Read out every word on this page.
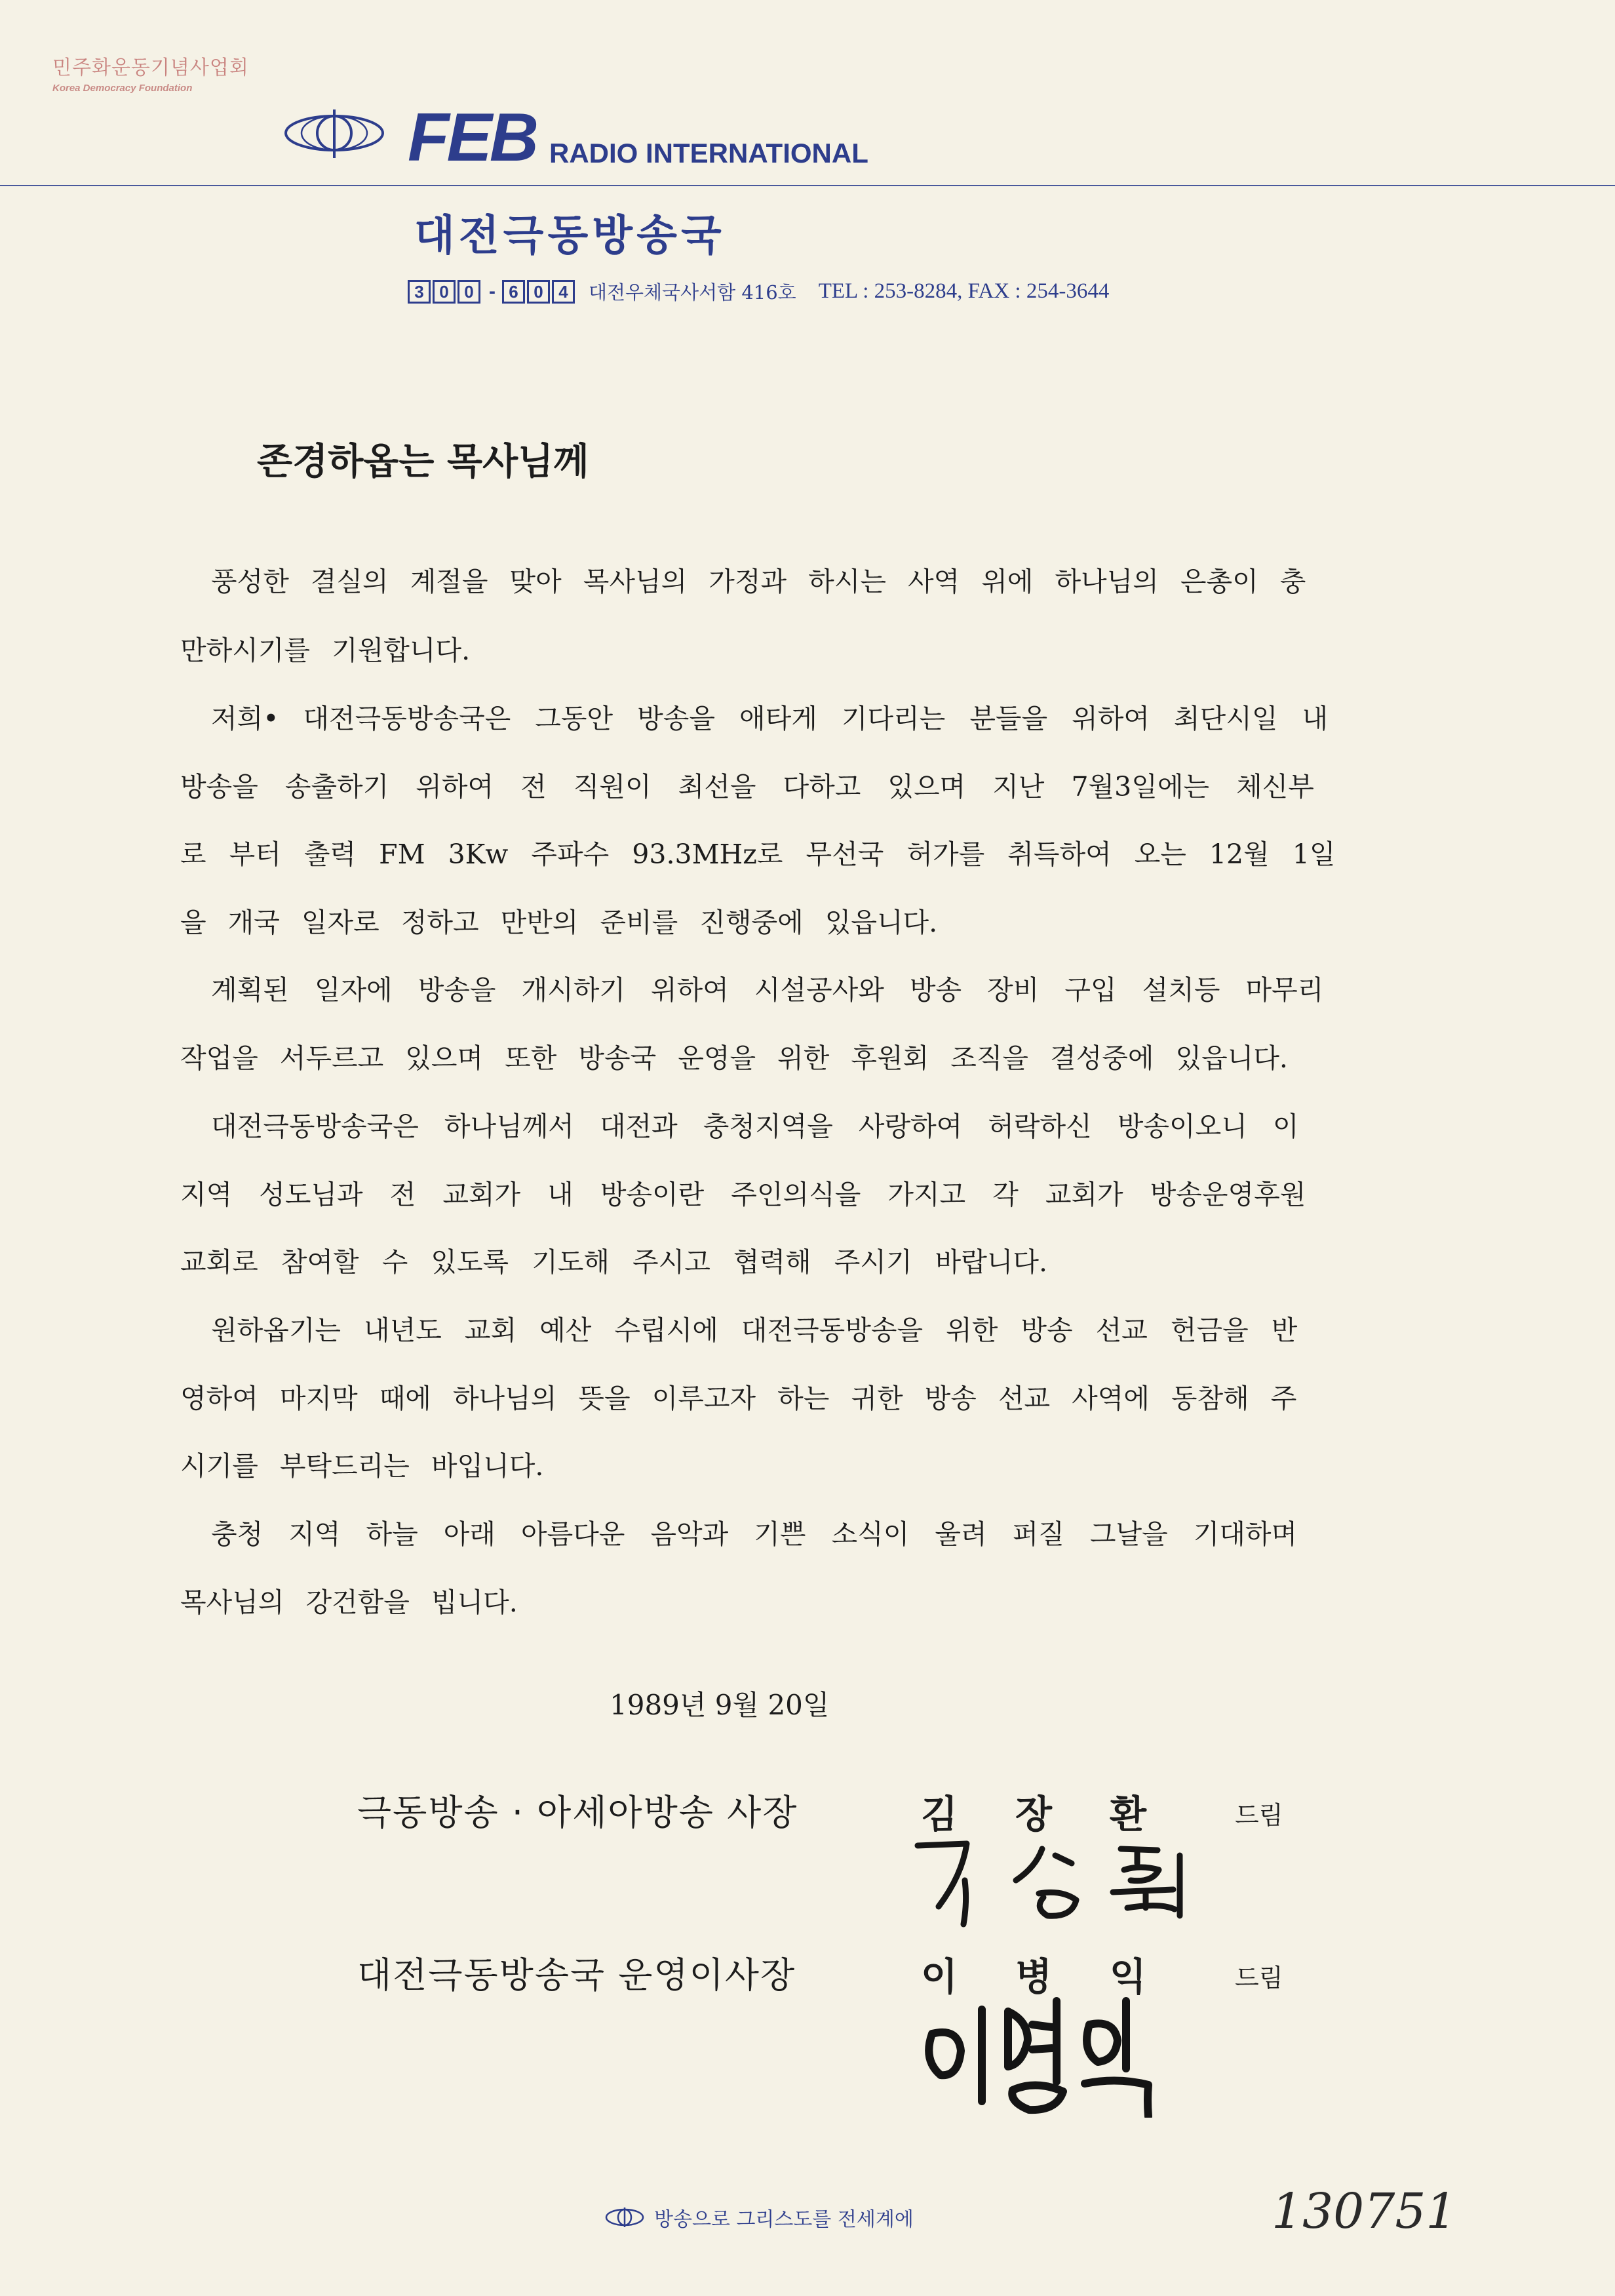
민주화운동기념사업회
Korea Democracy Foundation
FEB RADIO INTERNATIONAL
대전극동방송국
3 0 0 - 6 0 4	대전우체국사서함 416호 TEL : 253-8284, FAX : 254-3644
존경하옵는 목사님께
풍성한 결실의 계절을 맞아 목사님의 가정과 하시는 사역 위에 하나님의 은총이 충
만하시기를 기원합니다.
저희• 대전극동방송국은 그동안 방송을 애타게 기다리는 분들을 위하여 최단시일 내
방송을 송출하기 위하여 전 직원이 최선을 다하고 있으며 지난 7월3일에는 체신부
로 부터 출력 FM 3Kw 주파수 93.3MHz로 무선국 허가를 취득하여 오는 12월 1일
을 개국 일자로 정하고 만반의 준비를 진행중에 있읍니다.
계획된 일자에 방송을 개시하기 위하여 시설공사와 방송 장비 구입 설치등 마무리
작업을 서두르고 있으며 또한 방송국 운영을 위한 후원회 조직을 결성중에 있읍니다.
대전극동방송국은 하나님께서 대전과 충청지역을 사랑하여 허락하신 방송이오니 이
지역 성도님과 전 교회가 내 방송이란 주인의식을 가지고 각 교회가 방송운영후원
교회로 참여할 수 있도록 기도해 주시고 협력해 주시기 바랍니다.
원하옵기는 내년도 교회 예산 수립시에 대전극동방송을 위한 방송 선교 헌금을 반
영하여 마지막 때에 하나님의 뜻을 이루고자 하는 귀한 방송 선교 사역에 동참해 주
시기를 부탁드리는 바입니다.
충청 지역 하늘 아래 아름다운 음악과 기쁜 소식이 울려 퍼질 그날을 기대하며
목사님의 강건함을 빕니다.
1989년 9월 20일
극동방송 · 아세아방송 사장	김장환 드림
대전극동방송국 운영이사장	이병익 드림
방송으로 그리스도를 전세계에	130751
